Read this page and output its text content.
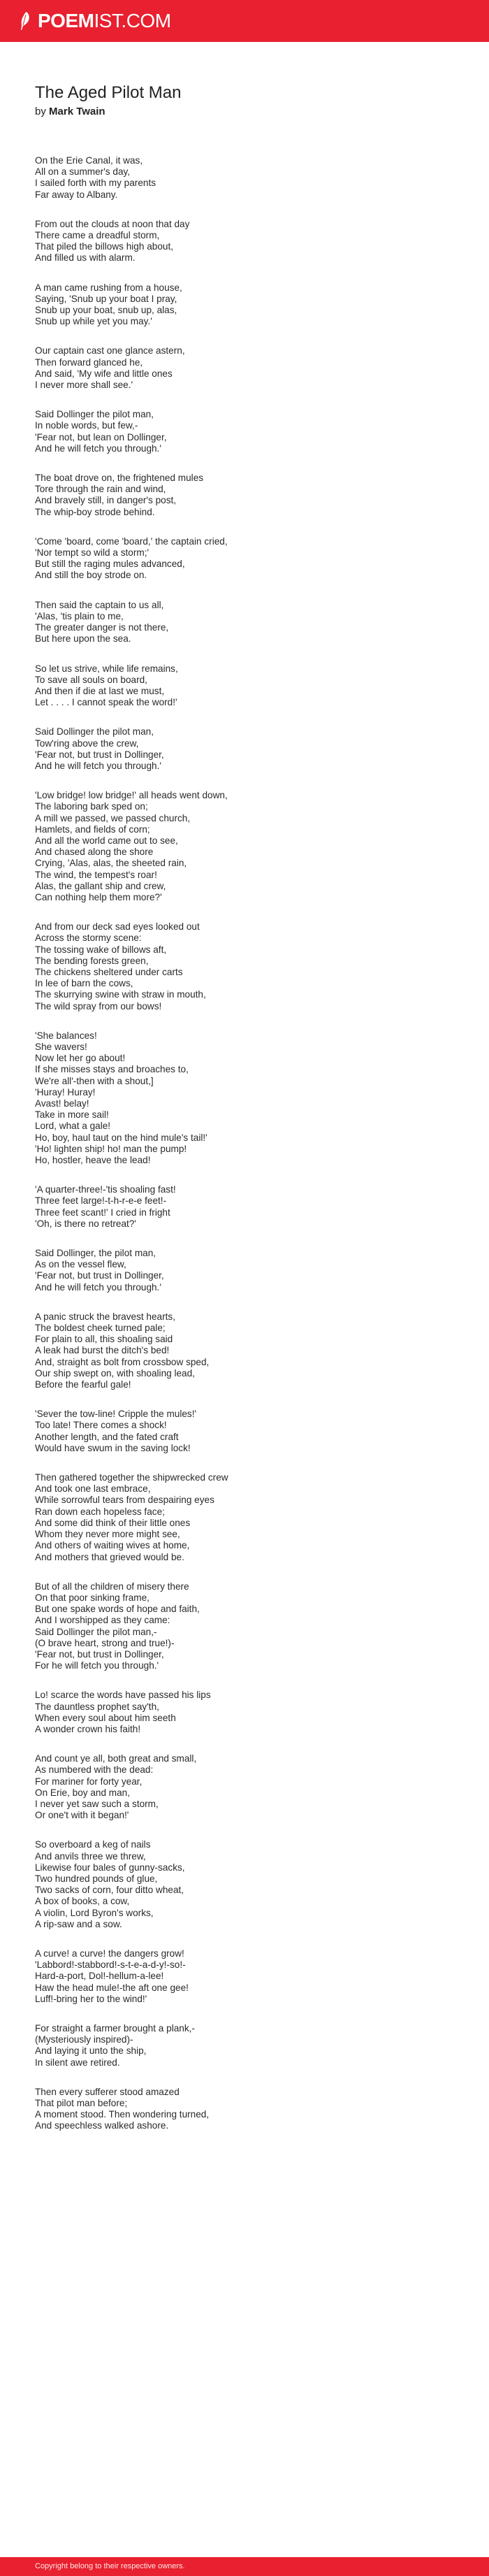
POEMIST.COM
The Aged Pilot Man
by Mark Twain
On the Erie Canal, it was,
All on a summer's day,
I sailed forth with my parents
Far away to Albany.
From out the clouds at noon that day
There came a dreadful storm,
That piled the billows high about,
And filled us with alarm.
A man came rushing from a house,
Saying, 'Snub up your boat I pray,
Snub up your boat, snub up, alas,
Snub up while yet you may.'
Our captain cast one glance astern,
Then forward glanced he,
And said, 'My wife and little ones
I never more shall see.'
Said Dollinger the pilot man,
In noble words, but few,-
'Fear not, but lean on Dollinger,
And he will fetch you through.'
The boat drove on, the frightened mules
Tore through the rain and wind,
And bravely still, in danger's post,
The whip-boy strode behind.
'Come 'board, come 'board,' the captain cried,
'Nor tempt so wild a storm;'
But still the raging mules advanced,
And still the boy strode on.
Then said the captain to us all,
'Alas, 'tis plain to me,
The greater danger is not there,
But here upon the sea.
So let us strive, while life remains,
To save all souls on board,
And then if die at last we must,
Let . . . . I cannot speak the word!'
Said Dollinger the pilot man,
Tow'ring above the crew,
'Fear not, but trust in Dollinger,
And he will fetch you through.'
'Low bridge! low bridge!' all heads went down,
The laboring bark sped on;
A mill we passed, we passed church,
Hamlets, and fields of corn;
And all the world came out to see,
And chased along the shore
Crying, 'Alas, alas, the sheeted rain,
The wind, the tempest's roar!
Alas, the gallant ship and crew,
Can nothing help them more?'
And from our deck sad eyes looked out
Across the stormy scene:
The tossing wake of billows aft,
The bending forests green,
The chickens sheltered under carts
In lee of barn the cows,
The skurrying swine with straw in mouth,
The wild spray from our bows!
'She balances!
She wavers!
Now let her go about!
If she misses stays and broaches to,
We're all'-then with a shout,]
'Huray! Huray!
Avast! belay!
Take in more sail!
Lord, what a gale!
Ho, boy, haul taut on the hind mule's tail!'
'Ho! lighten ship! ho! man the pump!
Ho, hostler, heave the lead!
'A quarter-three!-'tis shoaling fast!
Three feet large!-t-h-r-e-e feet!-
Three feet scant!' I cried in fright
'Oh, is there no retreat?'
Said Dollinger, the pilot man,
As on the vessel flew,
'Fear not, but trust in Dollinger,
And he will fetch you through.'
A panic struck the bravest hearts,
The boldest cheek turned pale;
For plain to all, this shoaling said
A leak had burst the ditch's bed!
And, straight as bolt from crossbow sped,
Our ship swept on, with shoaling lead,
Before the fearful gale!
'Sever the tow-line! Cripple the mules!'
Too late! There comes a shock!
Another length, and the fated craft
Would have swum in the saving lock!
Then gathered together the shipwrecked crew
And took one last embrace,
While sorrowful tears from despairing eyes
Ran down each hopeless face;
And some did think of their little ones
Whom they never more might see,
And others of waiting wives at home,
And mothers that grieved would be.
But of all the children of misery there
On that poor sinking frame,
But one spake words of hope and faith,
And I worshipped as they came:
Said Dollinger the pilot man,-
(O brave heart, strong and true!)-
'Fear not, but trust in Dollinger,
For he will fetch you through.'
Lo! scarce the words have passed his lips
The dauntless prophet say'th,
When every soul about him seeth
A wonder crown his faith!
And count ye all, both great and small,
As numbered with the dead:
For mariner for forty year,
On Erie, boy and man,
I never yet saw such a storm,
Or one't with it began!'
So overboard a keg of nails
And anvils three we threw,
Likewise four bales of gunny-sacks,
Two hundred pounds of glue,
Two sacks of corn, four ditto wheat,
A box of books, a cow,
A violin, Lord Byron's works,
A rip-saw and a sow.
A curve! a curve! the dangers grow!
'Labbord!-stabbord!-s-t-e-a-d-y!-so!-
Hard-a-port, Dol!-hellum-a-lee!
Haw the head mule!-the aft one gee!
Luff!-bring her to the wind!'
For straight a farmer brought a plank,-
(Mysteriously inspired)-
And laying it unto the ship,
In silent awe retired.
Then every sufferer stood amazed
That pilot man before;
A moment stood. Then wondering turned,
And speechless walked ashore.
Copyright belong to their respective owners.
